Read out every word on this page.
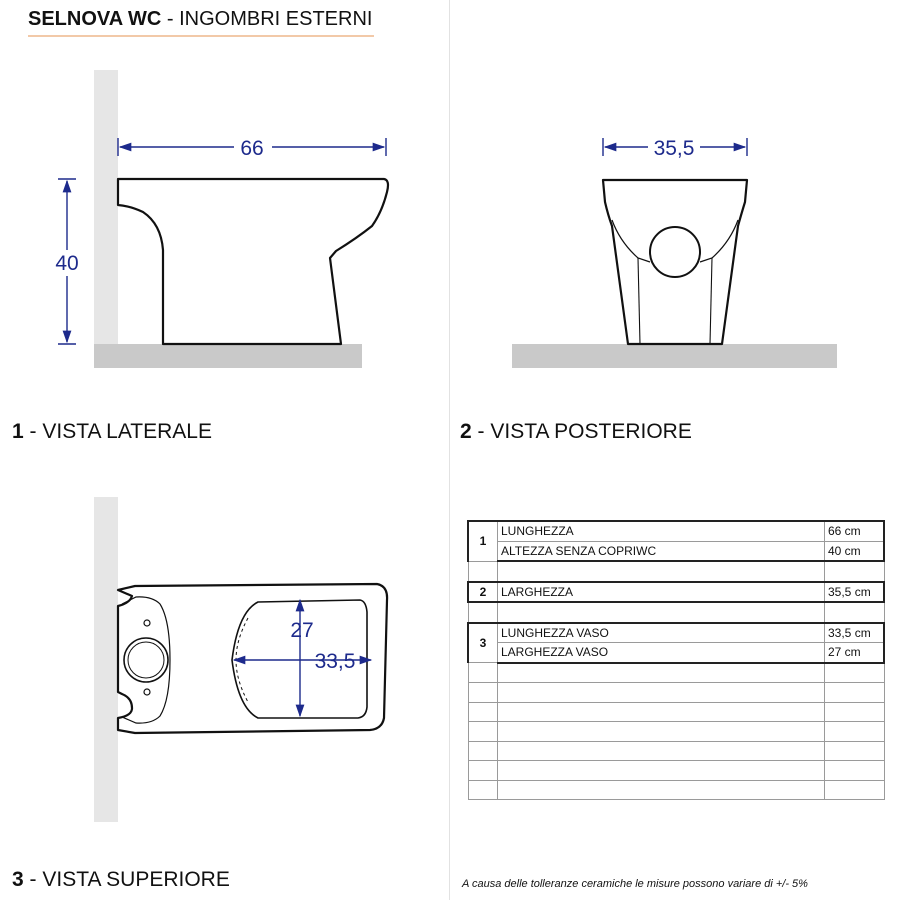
SELNOVA WC - INGOMBRI ESTERNI
66
40
35,5
27
33,5
1 - VISTA LATERALE	2 - VISTA POSTERIORE
3 - VISTA SUPERIORE
1	LUNGHEZZA	66 cm
	ALTEZZA SENZA COPRIWC	40 cm

2	LARGHEZZA	35,5 cm

3	LUNGHEZZA VASO	33,5 cm
	LARGHEZZA VASO	27 cm

A causa delle tolleranze ceramiche le misure possono variare di +/- 5%
